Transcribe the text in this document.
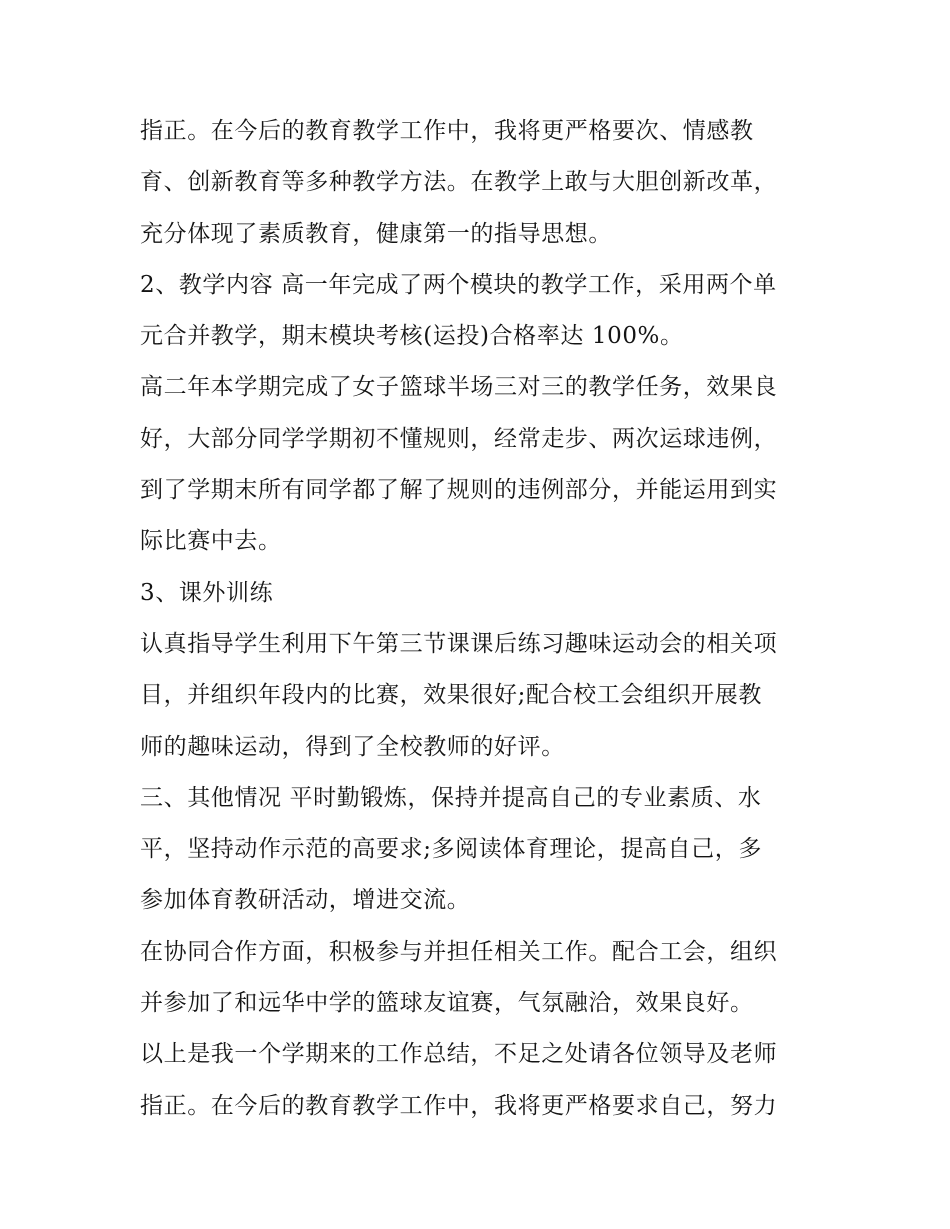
指正。在今后的教育教学工作中，我将更严格要次、情感教
育、创新教育等多种教学方法。在教学上敢与大胆创新改革，
充分体现了素质教育，健康第一的指导思想。
2、教学内容 高一年完成了两个模块的教学工作，采用两个单
元合并教学，期末模块考核(运投)合格率达 100%。
高二年本学期完成了女子篮球半场三对三的教学任务，效果良
好，大部分同学学期初不懂规则，经常走步、两次运球违例，
到了学期末所有同学都了解了规则的违例部分，并能运用到实
际比赛中去。
3、课外训练
认真指导学生利用下午第三节课课后练习趣味运动会的相关项
目，并组织年段内的比赛，效果很好;配合校工会组织开展教
师的趣味运动，得到了全校教师的好评。
三、其他情况 平时勤锻炼，保持并提高自己的专业素质、水
平，坚持动作示范的高要求;多阅读体育理论，提高自己，多
参加体育教研活动，增进交流。
在协同合作方面，积极参与并担任相关工作。配合工会，组织
并参加了和远华中学的篮球友谊赛，气氛融洽，效果良好。
以上是我一个学期来的工作总结，不足之处请各位领导及老师
指正。在今后的教育教学工作中，我将更严格要求自己，努力
